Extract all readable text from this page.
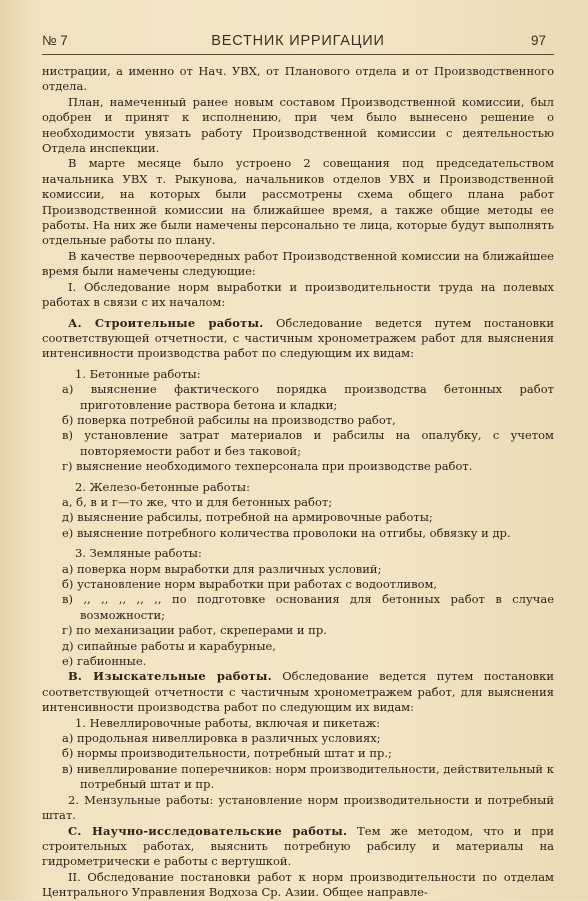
№ 7	ВЕСТНИК ИРРИГАЦИИ	97

нистрации, а именно от Нач. УВХ, от Планового отдела и от Производственного отдела.

План, намеченный ранее новым составом Производственной комиссии, был одобрен и принят к исполнению, при чем было вынесено решение о необходимости увязать работу Производственной комиссии с деятельностью Отдела инспекции.

В марте месяце было устроено 2 совещания под председательством начальника УВХ т. Рыкунова, начальников отделов УВХ и Производственной комиссии, на которых были рассмотрены схема общего плана работ Производственной комиссии на ближайшее время, а также общие методы ее работы. На них же были намечены персонально те лица, которые будут выполнять отдельные работы по плану.

В качестве первоочередных работ Производственной комиссии на ближайшее время были намечены следующие:

I. Обследование норм выработки и производительности труда на полевых работах в связи с их началом:

А. Строительные работы. Обследование ведется путем постановки соответствующей отчетности, с частичным хронометражем работ для выяснения интенсивности производства работ по следующим их видам:

1. Бетонные работы:

а) выяснение фактического порядка производства бетонных работ приготовление раствора бетона и кладки;

б) поверка потребной рабсилы на производство работ,

в) установление затрат материалов и рабсилы на опалубку, с учетом повторяемости работ и без таковой;

г) выяснение необходимого техперсонала при производстве работ.

2. Железо-бетонные работы:

а, б, в и г—то же, что и для бетонных работ;

д) выяснение рабсилы, потребной на армировочные работы;

е) выяснение потребного количества проволоки на отгибы, обвязку и др.

3. Земляные работы:

а) поверка норм выработки для различных условий;

б) установление норм выработки при работах с водоотливом,

в) ,, ,, ,, ,, ,, по подготовке основания для бетонных работ в случае возможности;

г) по механизации работ, скреперами и пр.

д) сипайные работы и карабурные,

е) габионные.

В. Изыскательные работы. Обследование ведется путем постановки соответствующей отчетности с частичным хронометражем работ, для выяснения интенсивности производства работ по следующим их видам:

1. Невеллировочные работы, включая и пикетаж:

а) продольная нивеллировка в различных условиях;

б) нормы производительности, потребный штат и пр.;

в) нивеллирование поперечников: норм производительности, действительный к потребный штат и пр.

2. Мензульные работы: установление норм производительности и потребный штат.

С. Научно-исследовательские работы. Тем же методом, что и при строительных работах, выяснить потребную рабсилу и материалы на гидрометрически е работы с вертушкой.

II. Обследование постановки работ к норм производительности по отделам Центрального Управления Водхоза Ср. Азии. Общее направле-
